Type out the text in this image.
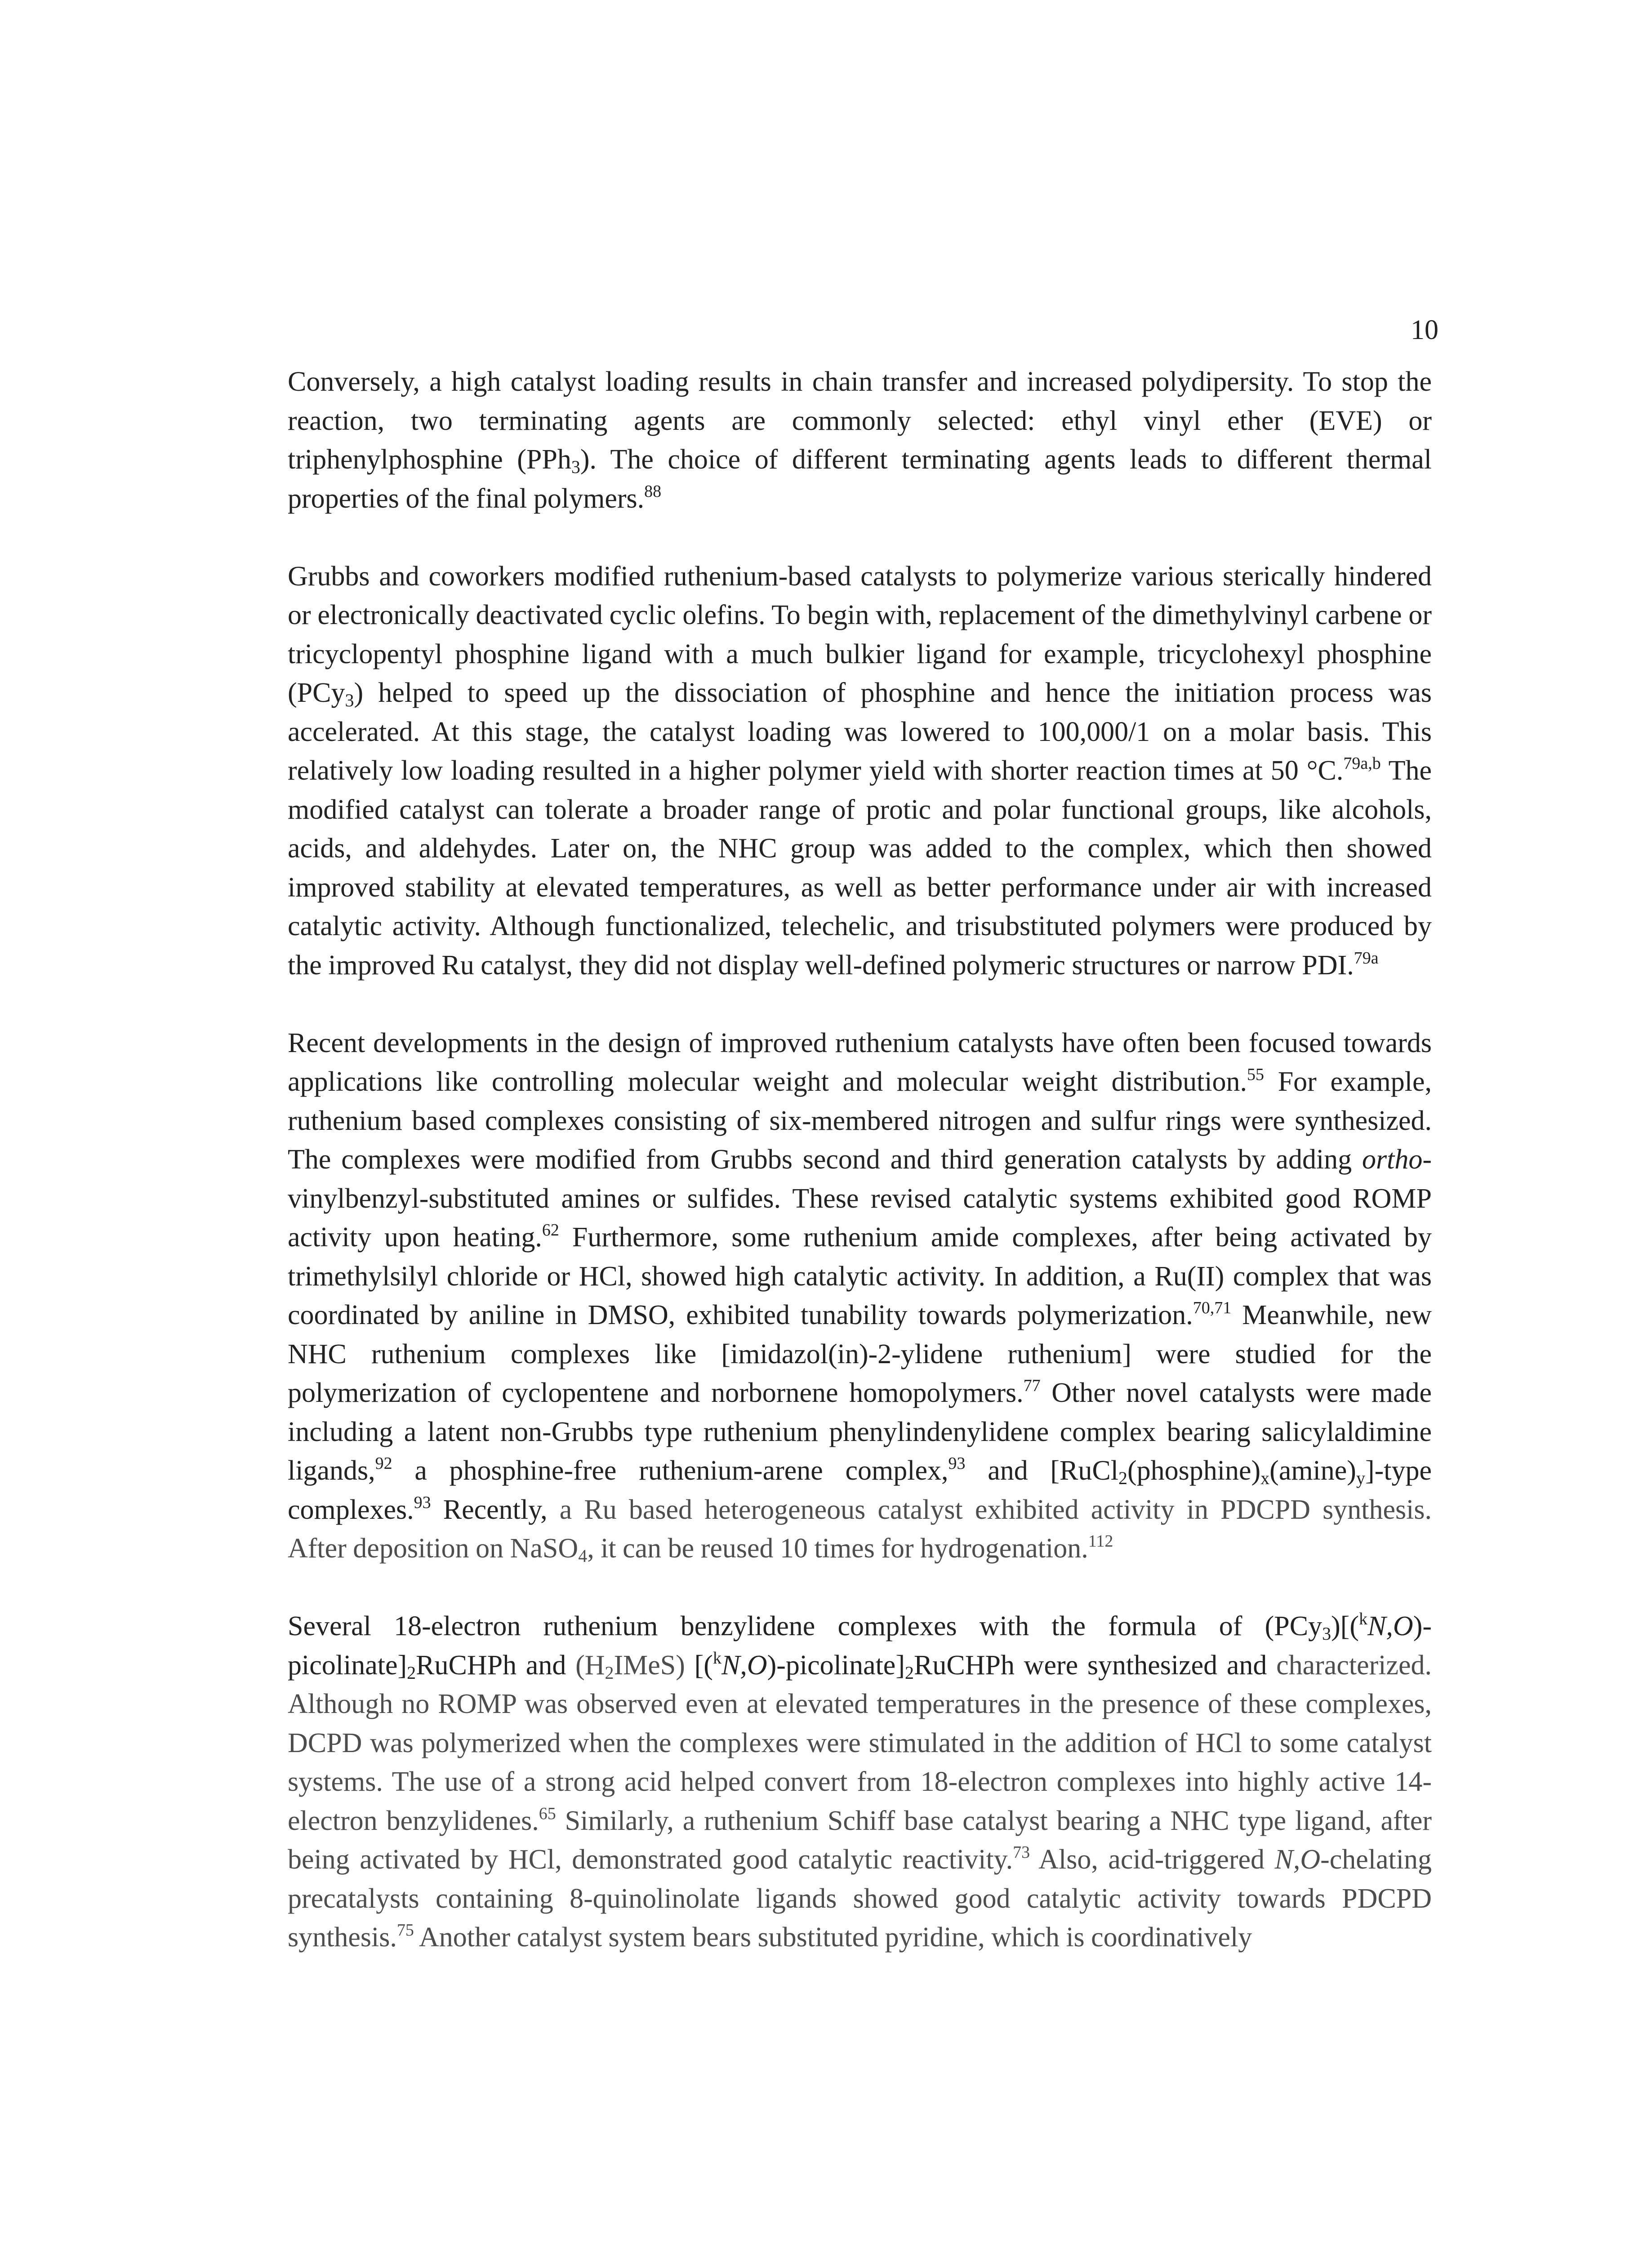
10

Conversely, a high catalyst loading results in chain transfer and increased polydipersity. To stop the reaction, two terminating agents are commonly selected: ethyl vinyl ether (EVE) or triphenylphosphine (PPh$_3$). The choice of different terminating agents leads to different thermal properties of the final polymers.$^{88}$

Grubbs and coworkers modified ruthenium-based catalysts to polymerize various sterically hindered or electronically deactivated cyclic olefins. To begin with, replacement of the dimethylvinyl carbene or tricyclopentyl phosphine ligand with a much bulkier ligand for example, tricyclohexyl phosphine (PCy$_3$) helped to speed up the dissociation of phosphine and hence the initiation process was accelerated. At this stage, the catalyst loading was lowered to 100,000/1 on a molar basis. This relatively low loading resulted in a higher polymer yield with shorter reaction times at 50 °C.$^{79a,b}$ The modified catalyst can tolerate a broader range of protic and polar functional groups, like alcohols, acids, and aldehydes. Later on, the NHC group was added to the complex, which then showed improved stability at elevated temperatures, as well as better performance under air with increased catalytic activity. Although functionalized, telechelic, and trisubstituted polymers were produced by the improved Ru catalyst, they did not display well-defined polymeric structures or narrow PDI.$^{79a}$

Recent developments in the design of improved ruthenium catalysts have often been focused towards applications like controlling molecular weight and molecular weight distribution.$^{55}$ For example, ruthenium based complexes consisting of six-membered nitrogen and sulfur rings were synthesized. The complexes were modified from Grubbs second and third generation catalysts by adding ortho-vinylbenzyl-substituted amines or sulfides. These revised catalytic systems exhibited good ROMP activity upon heating.$^{62}$ Furthermore, some ruthenium amide complexes, after being activated by trimethylsilyl chloride or HCl, showed high catalytic activity. In addition, a Ru(II) complex that was coordinated by aniline in DMSO, exhibited tunability towards polymerization.$^{70,71}$ Meanwhile, new NHC ruthenium complexes like [imidazol(in)-2-ylidene ruthenium] were studied for the polymerization of cyclopentene and norbornene homopolymers.$^{77}$ Other novel catalysts were made including a latent non-Grubbs type ruthenium phenylindenylidene complex bearing salicylaldimine ligands,$^{92}$ a phosphine-free ruthenium-arene complex,$^{93}$ and $[RuCl_2(phosphine)_x(amine)_y]$-type complexes.$^{93}$ Recently, a Ru based heterogeneous catalyst exhibited activity in PDCPD synthesis. After deposition on NaSO$_4$, it can be reused 10 times for hydrogenation.$^{112}$

Several 18-electron ruthenium benzylidene complexes with the formula of $(PCy_3)[(^kN,O)-picolinate]_2RuCHPh$ and $(H_2IMeS)$ $[(^kN,O)-picolinate]_2RuCHPh$ were synthesized and characterized. Although no ROMP was observed even at elevated temperatures in the presence of these complexes, DCPD was polymerized when the complexes were stimulated in the addition of HCl to some catalyst systems. The use of a strong acid helped convert from 18-electron complexes into highly active 14-electron benzylidenes.$^{65}$ Similarly, a ruthenium Schiff base catalyst bearing a NHC type ligand, after being activated by HCl, demonstrated good catalytic reactivity.$^{73}$ Also, acid-triggered N,O-chelating precatalysts containing 8-quinolinolate ligands showed good catalytic activity towards PDCPD synthesis.$^{75}$ Another catalyst system bears substituted pyridine, which is coordinatively
